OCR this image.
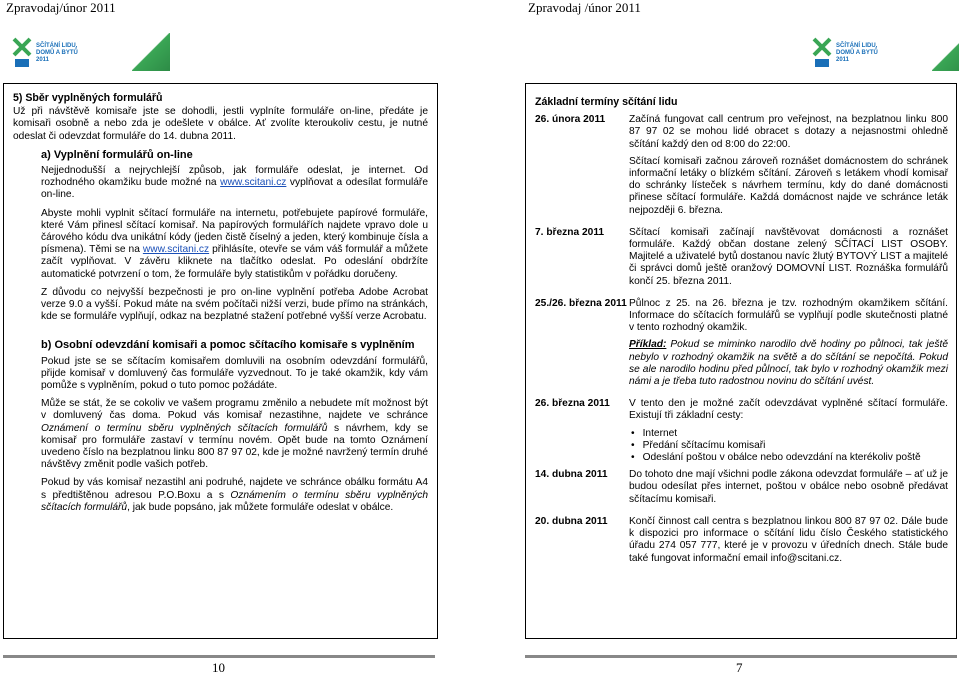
Zpravodaj/únor 2011	Zpravodaj /únor 2011
SČÍTÁNÍ LIDU,
DOMŮ A BYTŮ
2011
SČÍTÁNÍ LIDU,
DOMŮ A BYTŮ
2011
5) Sběr vyplněných formulářů
Už při návštěvě komisaře jste se dohodli, jestli vyplníte formuláře on-line, předáte je komisaři osobně a nebo zda je odešlete v obálce. Ať zvolíte kteroukoliv cestu, je nutné odeslat či odevzdat formuláře do 14. dubna 2011.
a) Vyplnění formulářů on-line
Nejjednodušší a nejrychlejší způsob, jak formuláře odeslat, je internet. Od rozhodného okamžiku bude možné na www.scitani.cz vyplňovat a odesílat formuláře on-line.
Abyste mohli vyplnit sčítací formuláře na internetu, potřebujete papírové formuláře, které Vám přinesl sčítací komisař. Na papírových formulářích najdete vpravo dole u čárového kódu dva unikátní kódy (jeden čistě číselný a jeden, který kombinuje čísla a písmena). Těmi se na www.scitani.cz přihlásíte, otevře se vám váš formulář a můžete začít vyplňovat. V závěru kliknete na tlačítko odeslat. Po odeslání obdržíte automatické potvrzení o tom, že formuláře byly statistikům v pořádku doručeny.
Z důvodu co nejvyšší bezpečnosti je pro on-line vyplnění potřeba Adobe Acrobat verze 9.0 a vyšší. Pokud máte na svém počítači nižší verzi, bude přímo na stránkách, kde se formuláře vyplňují, odkaz na bezplatné stažení potřebné vyšší verze Acrobatu.
b) Osobní odevzdání komisaři a pomoc sčítacího komisaře s vyplněním
Pokud jste se se sčítacím komisařem domluvili na osobním odevzdání formulářů, přijde komisař v domluvený čas formuláře vyzvednout. To je také okamžik, kdy vám pomůže s vyplněním, pokud o tuto pomoc požádáte.
Může se stát, že se cokoliv ve vašem programu změnilo a nebudete mít možnost být v domluvený čas doma. Pokud vás komisař nezastihne, najdete ve schránce Oznámení o termínu sběru vyplněných sčítacích formulářů s návrhem, kdy se komisař pro formuláře zastaví v termínu novém. Opět bude na tomto Oznámení uvedeno číslo na bezplatnou linku 800 87 97 02, kde je možné navržený termín druhé návštěvy změnit podle vašich potřeb.
Pokud by vás komisař nezastihl ani podruhé, najdete ve schránce obálku formátu A4 s předtištěnou adresou P.O.Boxu a s Oznámením o termínu sběru vyplněných sčítacích formulářů, jak bude popsáno, jak můžete formuláře odeslat v obálce.
Základní termíny sčítání lidu
26. února 2011	Začíná fungovat call centrum pro veřejnost, na bezplatnou linku 800 87 97 02 se mohou lidé obracet s dotazy a nejasnostmi ohledně sčítání každý den od 8:00 do 22:00.

Sčítací komisaři začnou zároveň roznášet domácnostem do schránek informační letáky o blízkém sčítání. Zároveň s letákem vhodí komisař do schránky lísteček s návrhem termínu, kdy do dané domácnosti přinese sčítací formuláře. Každá domácnost najde ve schránce leták nejpozději 6. března.

7. března 2011	Sčítací komisaři začínají navštěvovat domácnosti a roznášet formuláře. Každý občan dostane zelený SČÍTACÍ LIST OSOBY. Majitelé a uživatelé bytů dostanou navíc žlutý BYTOVÝ LIST a majitelé či správci domů ještě oranžový DOMOVNÍ LIST. Roznáška formulářů končí 25. března 2011.

25./26. března 2011 Půlnoc z 25. na 26. března je tzv. rozhodným okamžikem sčítání. Informace do sčítacích formulářů se vyplňují podle skutečnosti platné v tento rozhodný okamžik.

Příklad: Pokud se miminko narodilo dvě hodiny po půlnoci, tak ještě nebylo v rozhodný okamžik na světě a do sčítání se nepočítá. Pokud se ale narodilo hodinu před půlnocí, tak bylo v rozhodný okamžik mezi námi a je třeba tuto radostnou novinu do sčítání uvést.

26. března 2011	V tento den je možné začít odevzdávat vyplněné sčítací formuláře. Existují tři základní cesty:

• Internet
• Předání sčítacímu komisaři
• Odeslání poštou v obálce nebo odevzdání na kterékoliv poště
14. dubna 2011	Do tohoto dne mají všichni podle zákona odevzdat formuláře – ať už je budou odesílat přes internet, poštou v obálce nebo osobně předávat sčítacímu komisaři.

20. dubna 2011	Končí činnost call centra s bezplatnou linkou 800 87 97 02. Dále bude k dispozici pro informace o sčítání lidu číslo Českého statistického úřadu 274 057 777, které je v provozu v úředních dnech. Stále bude také fungovat informační email info@scitani.cz.

10	7
